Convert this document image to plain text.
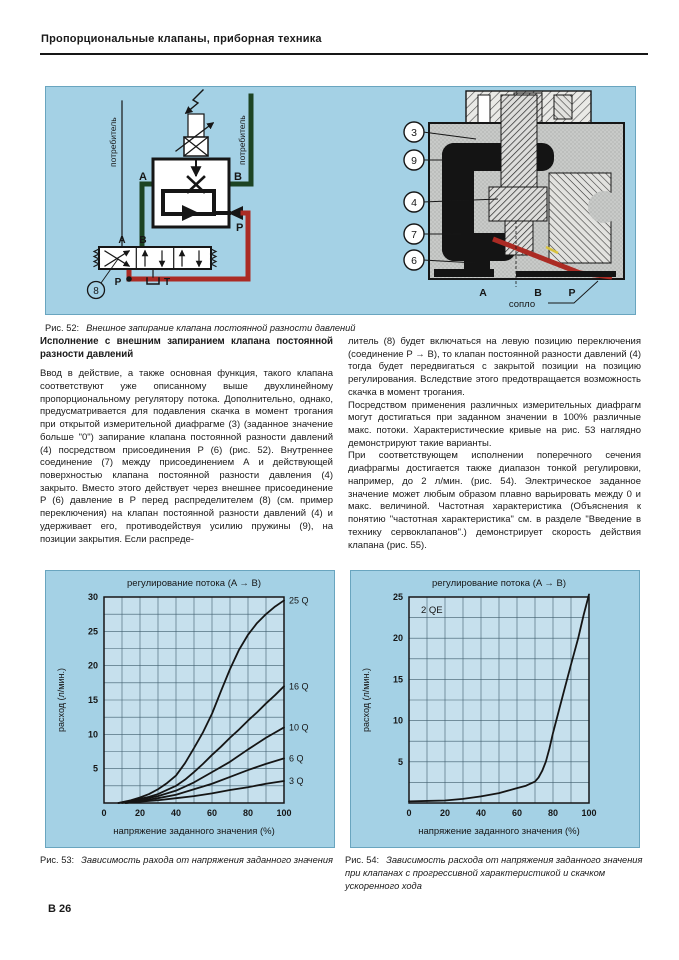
Пропорциональные клапаны, приборная техника
потребитель	потребитель
A	B
P
A B
P	T
8
3
9
4
7
6
A	B	P
сопло
Рис. 52: Внешное запирание клапана постоянной разности давлений
Исполнение с внешним запиранием клапана постоянной разности давлений

Ввод в действие, а также основная функция, такого клапана соответствуют уже описанному выше двухлинейному пропорциональному регулятору потока. Дополнительно, однако, предусматривается для подавления скачка в момент трогания при открытой измерительной диафрагме (3) (заданное значение больше "0") запирание клапана постоянной разности давлений (4) посредством присоединения P (6) (рис. 52). Внутреннее соединение (7) между присоединением А и действующей поверхностью клапана постоянной разности давления (4) закрыто. Вместо этого действует через внешнее присоединение P (6) давление в P перед распределителем (8) (см. пример переключения) на клапан постоянной разности давлений (4) и удерживает его, противодействуя усилию пружины (9), на позиции закрытия. Если распреде-

литель (8) будет включаться на левую позицию переключения (соединение P → B), то клапан постоянной разности давлений (4) тогда будет передвигаться с закрытой позиции на позицию регулирования. Вследствие этого предотвращается возможность скачка в момент трогания.

Посредством применения различных измерительных диафрагм могут достигаться при заданном значении в 100% различные макс. потоки. Характеристические кривые на рис. 53 наглядно демонстрируют такие варианты.

При соответствующем исполнении поперечного сечения диафрагмы достигается также диапазон тонкой регулировки, например, до 2 л/мин. (рис. 54). Электрическое заданное значение может любым образом плавно варьировать между 0 и макс. величиной. Частотная характеристика (Объяснения к понятию "частотная характеристика" см. в разделе "Введение в технику сервоклапанов".) демонстрирует скорость действия клапана (рис. 55).

0	20	40	60	80	100
5
10
15
20
25
30
регулирование потока (A → B)
напряжение заданного значения (%)
расход (л/мин.)
25 Q
16 Q
10 Q
6 Q
3 Q
0	20	40	60	80	100
5
10
15
20
25
регулирование потока (A → B)
напряжение заданного значения (%)
расход (л/мин.)
2 QE
Рис. 53: Зависимость рахода от напряжения заданного значения	Рис. 54: Зависимость расхода от напряжения заданного значения при клапанах с прогрессивной характеристикой и скачком ускоренного хода
B 26
